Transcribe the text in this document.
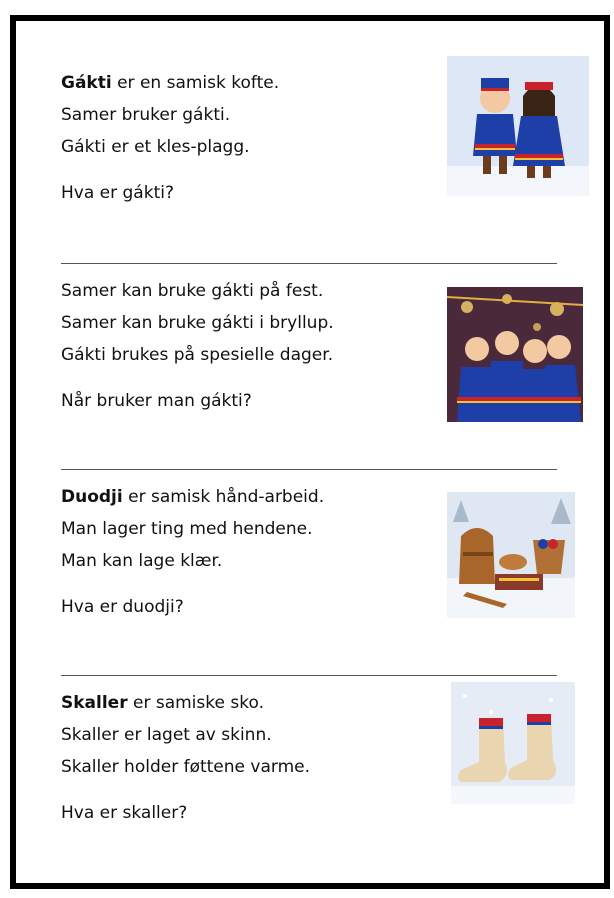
Gákti er en samisk kofte.

Samer bruker gákti.

Gákti er et kles-plagg.

Hva er gákti?

Samer kan bruke gákti på fest.

Samer kan bruke gákti i bryllup.

Gákti brukes på spesielle dager.

Når bruker man gákti?

Duodji er samisk hånd-arbeid.

Man lager ting med hendene.

Man kan lage klær.

Hva er duodji?

Skaller er samiske sko.

Skaller er laget av skinn.

Skaller holder føttene varme.

Hva er skaller?
